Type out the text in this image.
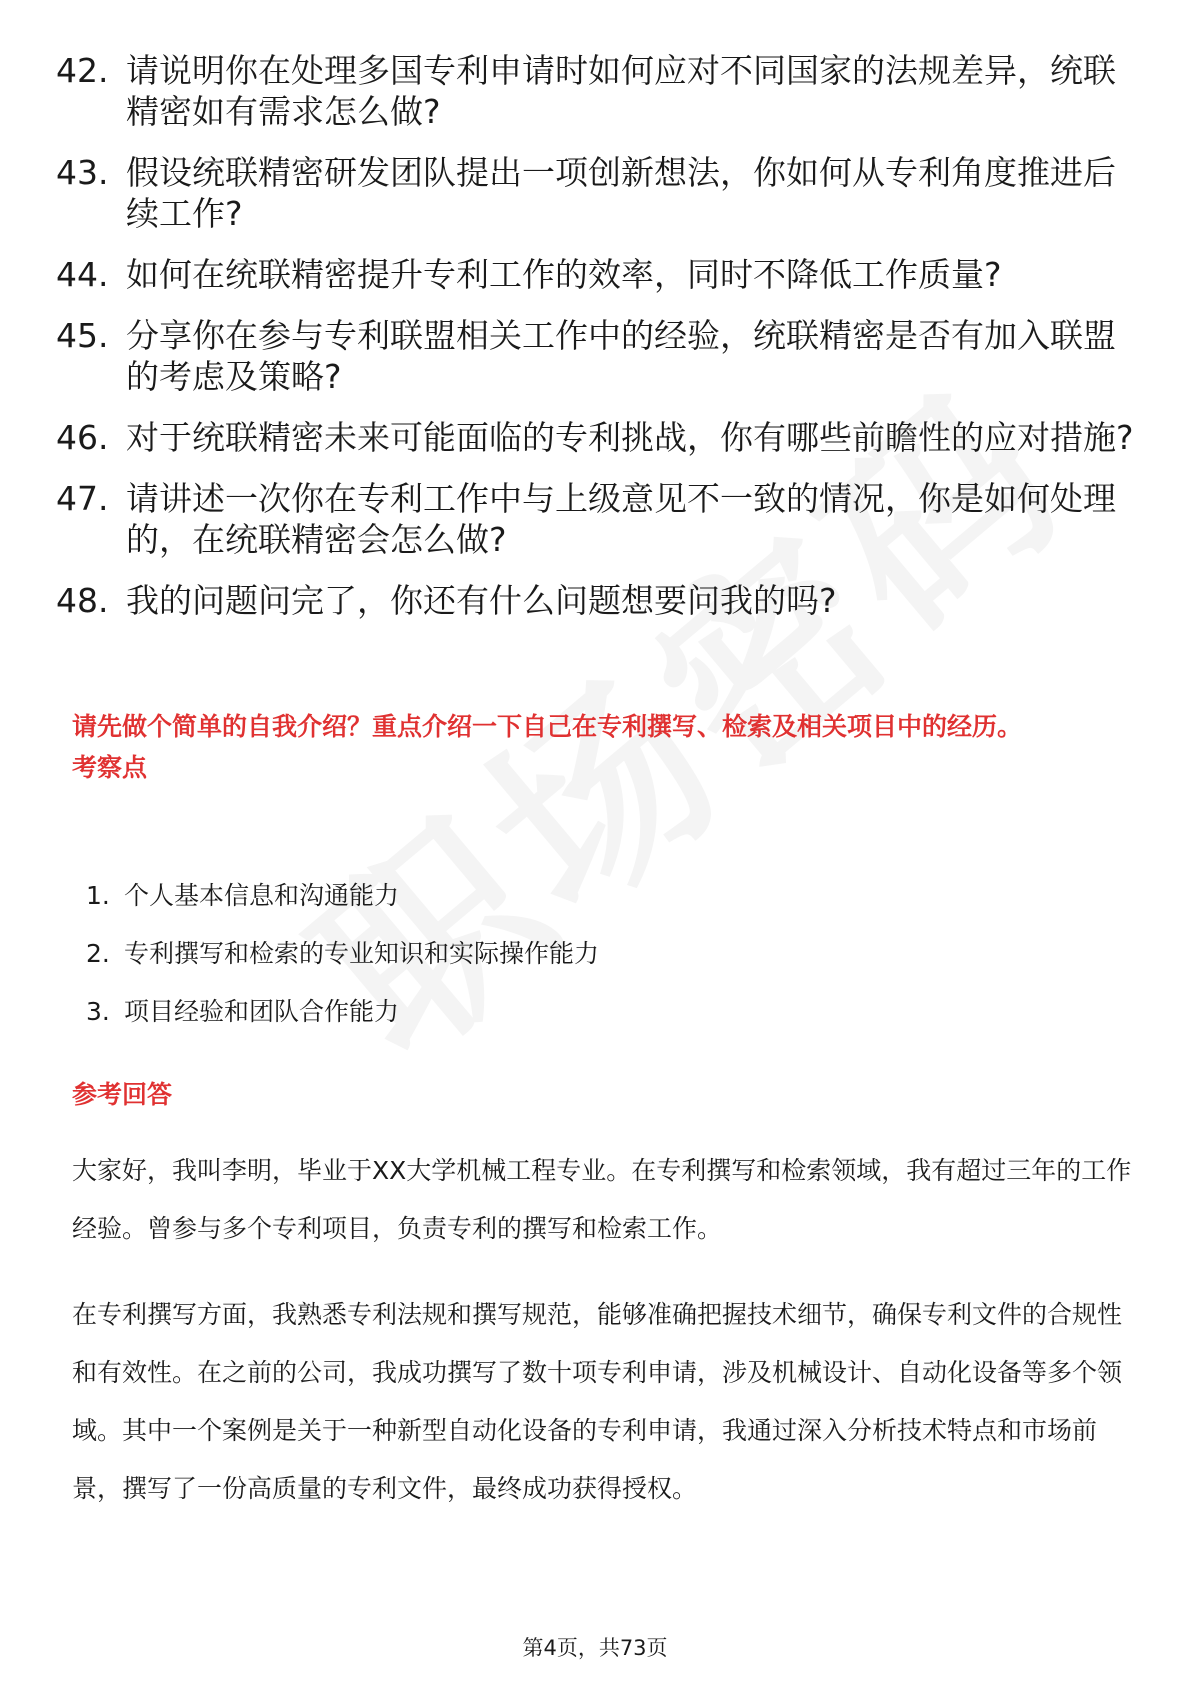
42. 请说明你在处理多国专利申请时如何应对不同国家的法规差异，统联精密如有需求怎么做?
43. 假设统联精密研发团队提出一项创新想法，你如何从专利角度推进后续工作?
44. 如何在统联精密提升专利工作的效率，同时不降低工作质量?
45. 分享你在参与专利联盟相关工作中的经验，统联精密是否有加入联盟的考虑及策略?
46. 对于统联精密未来可能面临的专利挑战，你有哪些前瞻性的应对措施?
47. 请讲述一次你在专利工作中与上级意见不一致的情况，你是如何处理的，在统联精密会怎么做?
48. 我的问题问完了，你还有什么问题想要问我的吗?

请先做个简单的自我介绍？重点介绍一下自己在专利撰写、检索及相关项目中的经历。

考察点

1. 个人基本信息和沟通能力
2. 专利撰写和检索的专业知识和实际操作能力
3. 项目经验和团队合作能力

参考回答

大家好，我叫李明，毕业于XX大学机械工程专业。在专利撰写和检索领域，我有超过三年的工作经验。曾参与多个专利项目，负责专利的撰写和检索工作。

在专利撰写方面，我熟悉专利法规和撰写规范，能够准确把握技术细节，确保专利文件的合规性和有效性。在之前的公司，我成功撰写了数十项专利申请，涉及机械设计、自动化设备等多个领域。其中一个案例是关于一种新型自动化设备的专利申请，我通过深入分析技术特点和市场前景，撰写了一份高质量的专利文件，最终成功获得授权。

第4页，共73页
